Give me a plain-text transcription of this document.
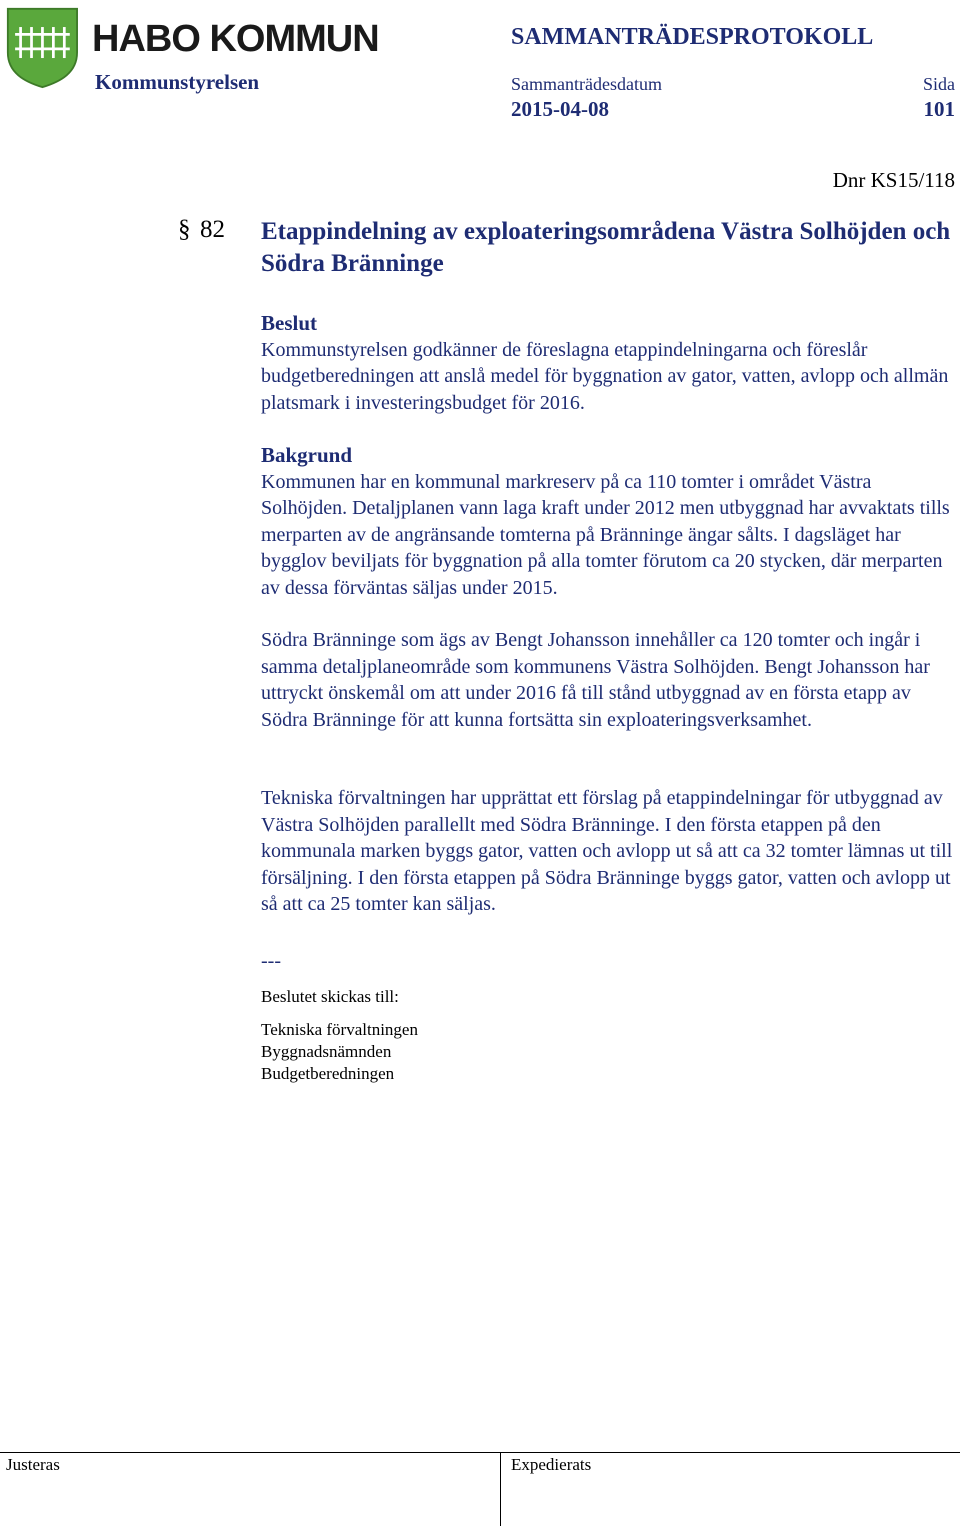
HABO KOMMUN	SAMMANTRÄDESPROTOKOLL
Kommunstyrelsen	Sammanträdesdatum	Sida
2015-04-08	101
Dnr KS15/118
§ 82 Etappindelning av exploateringsområdena Västra Solhöjden och Södra Bränninge
Beslut

Kommunstyrelsen godkänner de föreslagna etappindelningarna och föreslår budgetberedningen att anslå medel för byggnation av gator, vatten, avlopp och allmän platsmark i investeringsbudget för 2016.

Bakgrund

Kommunen har en kommunal markreserv på ca 110 tomter i området Västra Solhöjden. Detaljplanen vann laga kraft under 2012 men utbyggnad har avvaktats tills merparten av de angränsande tomterna på Bränninge ängar sålts. I dagsläget har bygglov beviljats för byggnation på alla tomter förutom ca 20 stycken, där merparten av dessa förväntas säljas under 2015.

Södra Bränninge som ägs av Bengt Johansson innehåller ca 120 tomter och ingår i samma detaljplaneområde som kommunens Västra Solhöjden. Bengt Johansson har uttryckt önskemål om att under 2016 få till stånd utbyggnad av en första etapp av Södra Bränninge för att kunna fortsätta sin exploateringsverksamhet.
Tekniska förvaltningen har upprättat ett förslag på etappindelningar för utbyggnad av Västra Solhöjden parallellt med Södra Bränninge. I den första etappen på den kommunala marken byggs gator, vatten och avlopp ut så att ca 32 tomter lämnas ut till försäljning. I den första etappen på Södra Bränninge byggs gator, vatten och avlopp ut så att ca 25 tomter kan säljas.
---
Beslutet skickas till:
Tekniska förvaltningen
Byggnadsnämnden
Budgetberedningen
Justeras	Expedierats
